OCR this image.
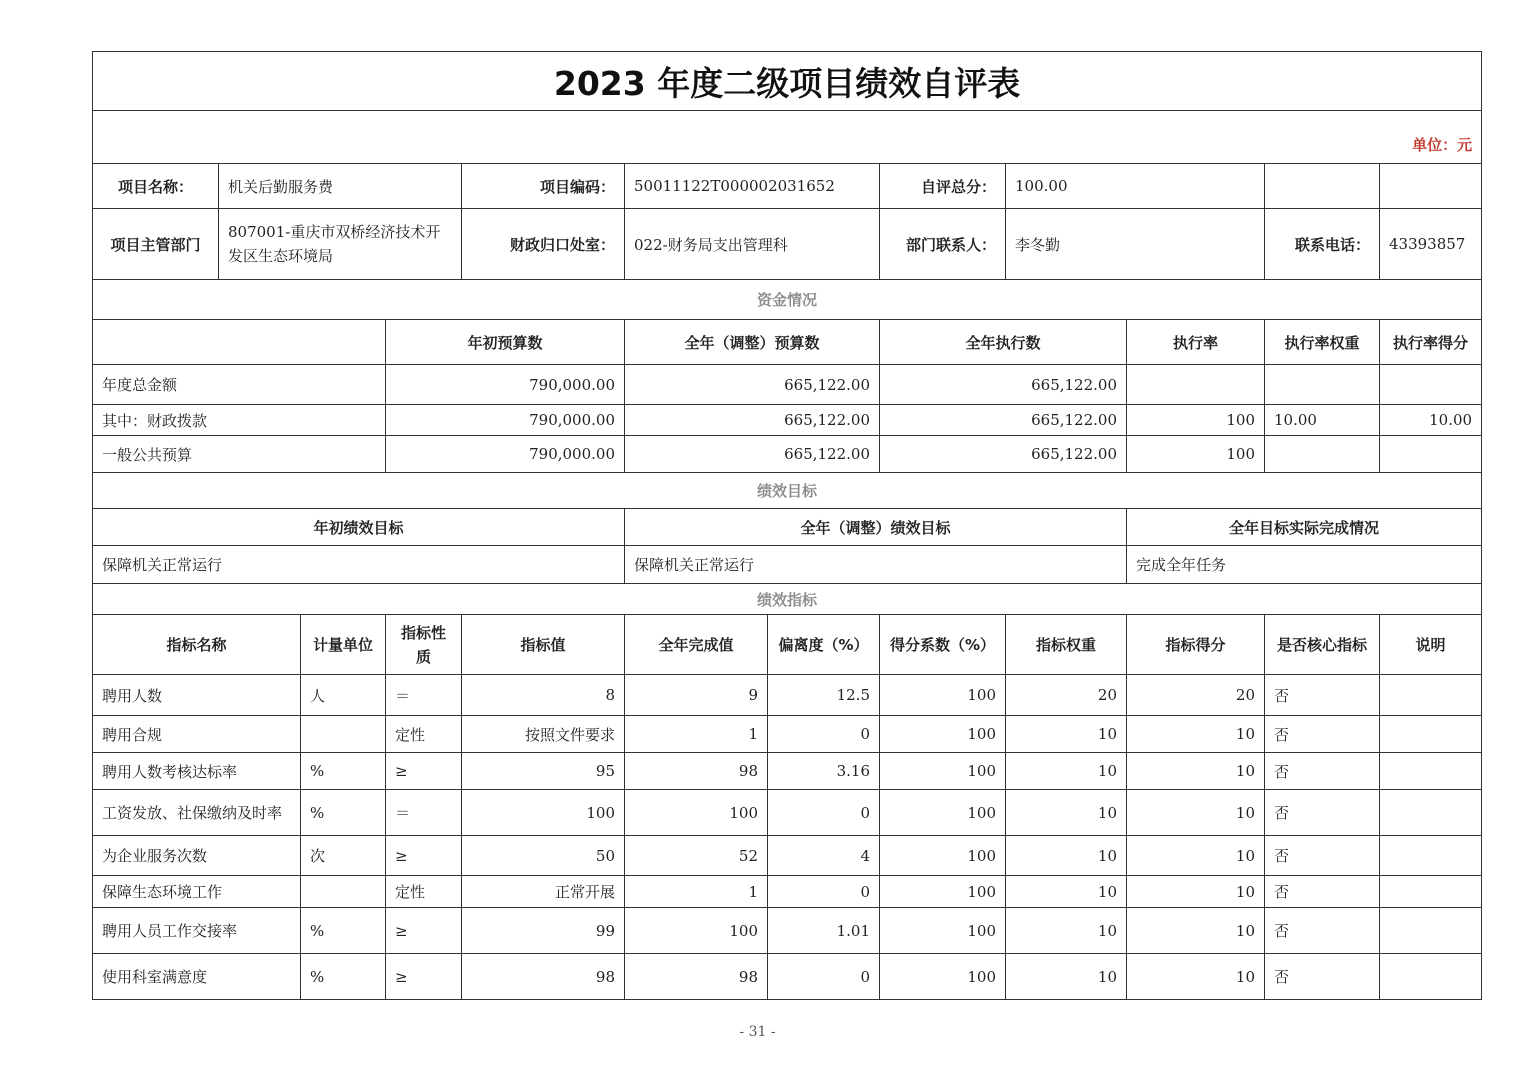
2023 年度二级项目绩效自评表											
单位：元											
项目名称：	机关后勤服务费			项目编码：	50011122T000002031652		自评总分：	100.00			
项目主管部门	807001-重庆市双桥经济技术开发区生态环境局			财政归口处室：	022-财务局支出管理科		部门联系人：	李冬勤		联系电话：	43393857
资金情况											
			年初预算数		全年（调整）预算数		全年执行数		执行率	执行率权重	执行率得分
年度总金额			790,000.00		665,122.00		665,122.00				
其中：财政拨款			790,000.00		665,122.00		665,122.00		100	10.00	10.00
一般公共预算			790,000.00		665,122.00		665,122.00		100		
绩效目标											
年初绩效目标					全年（调整）绩效目标				全年目标实际完成情况		
保障机关正常运行					保障机关正常运行				完成全年任务		
绩效指标											
指标名称		计量单位	指标性质	指标值	全年完成值	偏离度（%）	得分系数（%）	指标权重	指标得分	是否核心指标	说明
聘用人数		人	＝	8	9	12.5	100	20	20	否	
聘用合规			定性	按照文件要求	1	0	100	10	10	否	
聘用人数考核达标率		%	≥	95	98	3.16	100	10	10	否	
工资发放、社保缴纳及时率		%	＝	100	100	0	100	10	10	否	
为企业服务次数		次	≥	50	52	4	100	10	10	否	
保障生态环境工作			定性	正常开展	1	0	100	10	10	否	
聘用人员工作交接率		%	≥	99	100	1.01	100	10	10	否	
使用科室满意度		%	≥	98	98	0	100	10	10	否	
- 31 -
